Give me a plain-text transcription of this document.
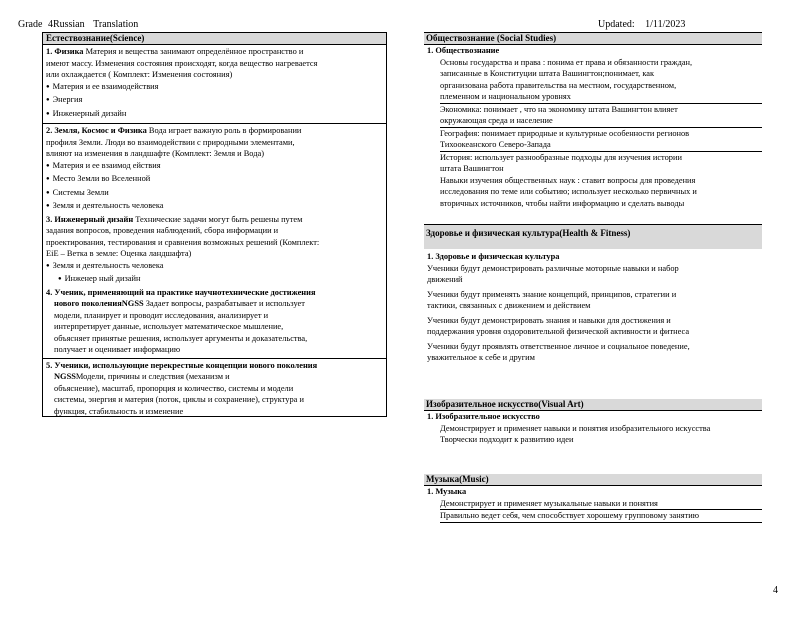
Grade 4Russian Translation	Updated: 1/11/2023
Естествознание(Science)
1. Физика Материя и вещества занимают определённое пространство и
имеют массу. Изменения состояния происходят, когда вещество нагревается
или охлаждается ( Комплект: Изменения состояния)
● Материя и ее взаимодействия
● Энергия
● Инженерный дизайн
2. Земля, Космос и Физика Вода играет важную роль в формировании
профиля Земли. Люди во взаимодействии с природными элементами,
влияют на изменения в ландшафте (Комплект: Земля и Вода)
● Материя и ее взаимод ействия
● Место Земли во Вселенной
● Системы Земли
● Земля и деятельность человека
3. Инженерный дизайн Технические задачи могут быть решены путем
задания вопросов, проведения наблюдений, сбора информации и
проектирования, тестирования и сравнения возможных решений (Комплект:
EiE – Ветка в земле: Оценка ландшафта)
● Земля и деятельность человека
● Инженер ный дизайн
4. Ученик, применяющий на практике научнотехнические достижения
нового поколенияNGSS Задает вопросы, разрабатывает и использует
модели, планирует и проводит исследования, анализирует и
интерпретирует данные, использует математическое мышление,
объясняет принятые решения, использует аргументы и доказательства,
получает и оценивает информацию
5. Ученики, использующие перекрестные концепции нового поколения
NGSSМодели, причины и следствия (механизм и
объяснение), масштаб, пропорция и количество, системы и модели
системы, энергия и материя (поток, циклы и сохранение), структура и
функция, стабильность и изменение
Обществознание (Social Studies)
1. Обществознание
Основы государства и права : понима ет права и обязанности граждан,
записанные в Конституции штата Вашингтон;понимает, как
организована работа правительства на местном, государственном,
племенном и национальном уровнях
Экономика: понимает , что на экономику штата Вашингтон влияет
окружающая среда и население
География: понимает природные и культурные особенности регионов
Тихоокеанского Северо-Запада
История: использует разнообразные подходы для изучения истории
штата Вашингтон
Навыки изучения общественных наук : ставит вопросы для проведения
исследования по теме или событию; использует несколько первичных и
вторичных источников, чтобы найти информацию и сделать выводы
Здоровье и физическая культура(Health & Fitness)
1. Здоровье и физическая культура
Ученики будут демонстрировать различные моторные навыки и набор
движений
Ученики будут применять знание концепций, принципов, стратегии и
тактики, связанных с движением и действием
Ученики будут демонстрировать знания и навыки для достижения и
поддержания уровня оздоровительной физической активности и фитнеса
Ученики будут проявлять ответственное личное и социальное поведение,
уважительное к себе и другим
Изобразительное искусство(Visual Art)
1. Изобразительное искусство
Демонстрирует и применяет навыки и понятия изобразительного искусства
Творчески подходит к развитию идеи
Музыка(Music)
1. Музыка
Демонстрирует и применяет музыкальные навыки и понятия
Правильно ведет себя, чем способствует хорошему групповому занятию
4
